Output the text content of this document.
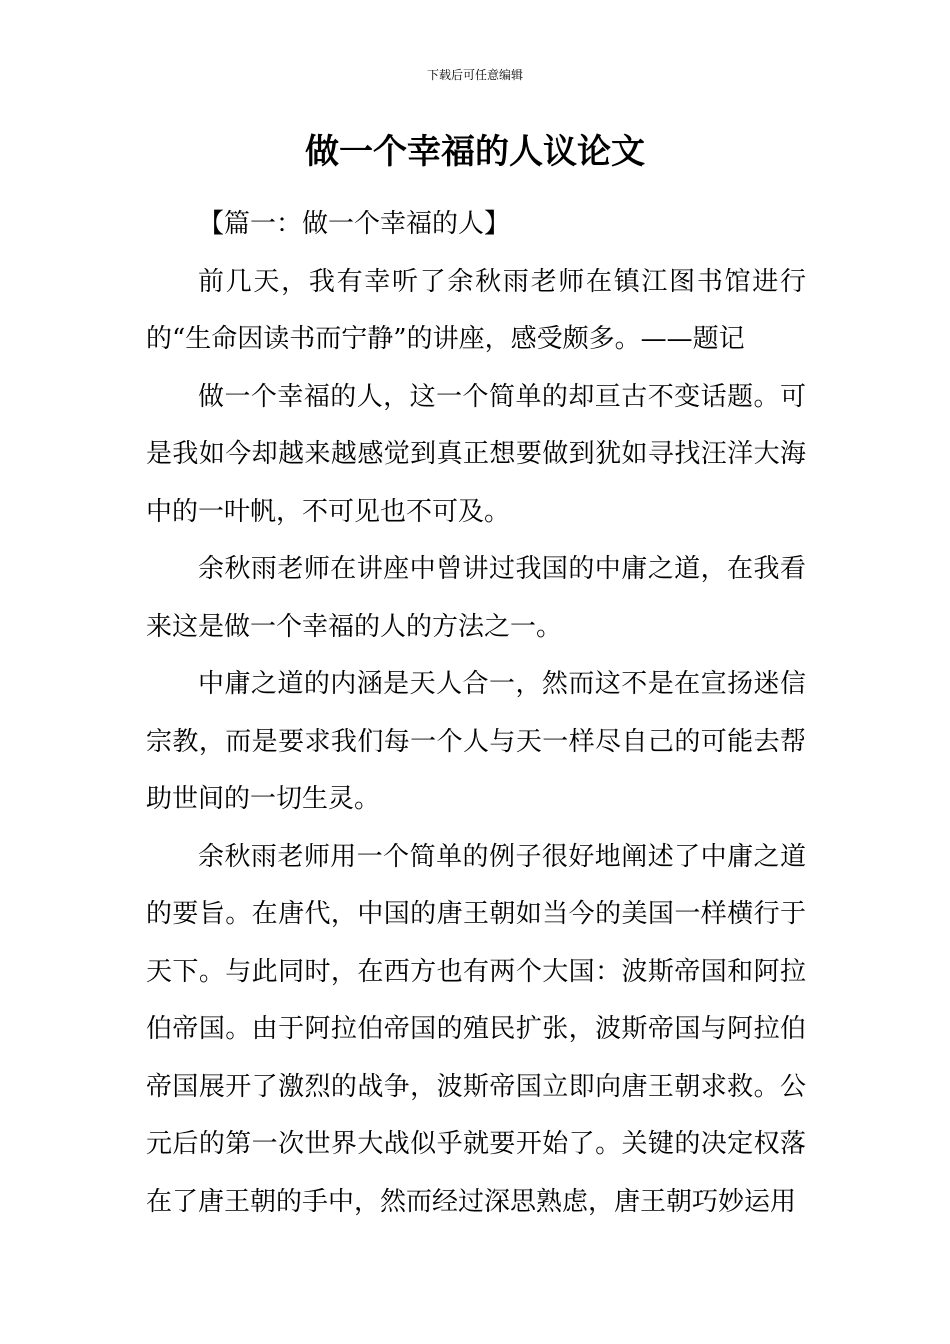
下载后可任意编辑
做一个幸福的人议论文

【篇一：做一个幸福的人】

前几天，我有幸听了余秋雨老师在镇江图书馆进行的“生命因读书而宁静”的讲座，感受颇多。——题记

做一个幸福的人，这一个简单的却亘古不变话题。可是我如今却越来越感觉到真正想要做到犹如寻找汪洋大海中的一叶帆，不可见也不可及。

余秋雨老师在讲座中曾讲过我国的中庸之道，在我看来这是做一个幸福的人的方法之一。

中庸之道的内涵是天人合一，然而这不是在宣扬迷信宗教，而是要求我们每一个人与天一样尽自己的可能去帮助世间的一切生灵。

余秋雨老师用一个简单的例子很好地阐述了中庸之道的要旨。在唐代，中国的唐王朝如当今的美国一样横行于天下。与此同时，在西方也有两个大国：波斯帝国和阿拉伯帝国。由于阿拉伯帝国的殖民扩张，波斯帝国与阿拉伯帝国展开了激烈的战争，波斯帝国立即向唐王朝求救。公元后的第一次世界大战似乎就要开始了。关键的决定权落在了唐王朝的手中，然而经过深思熟虑，唐王朝巧妙运用
